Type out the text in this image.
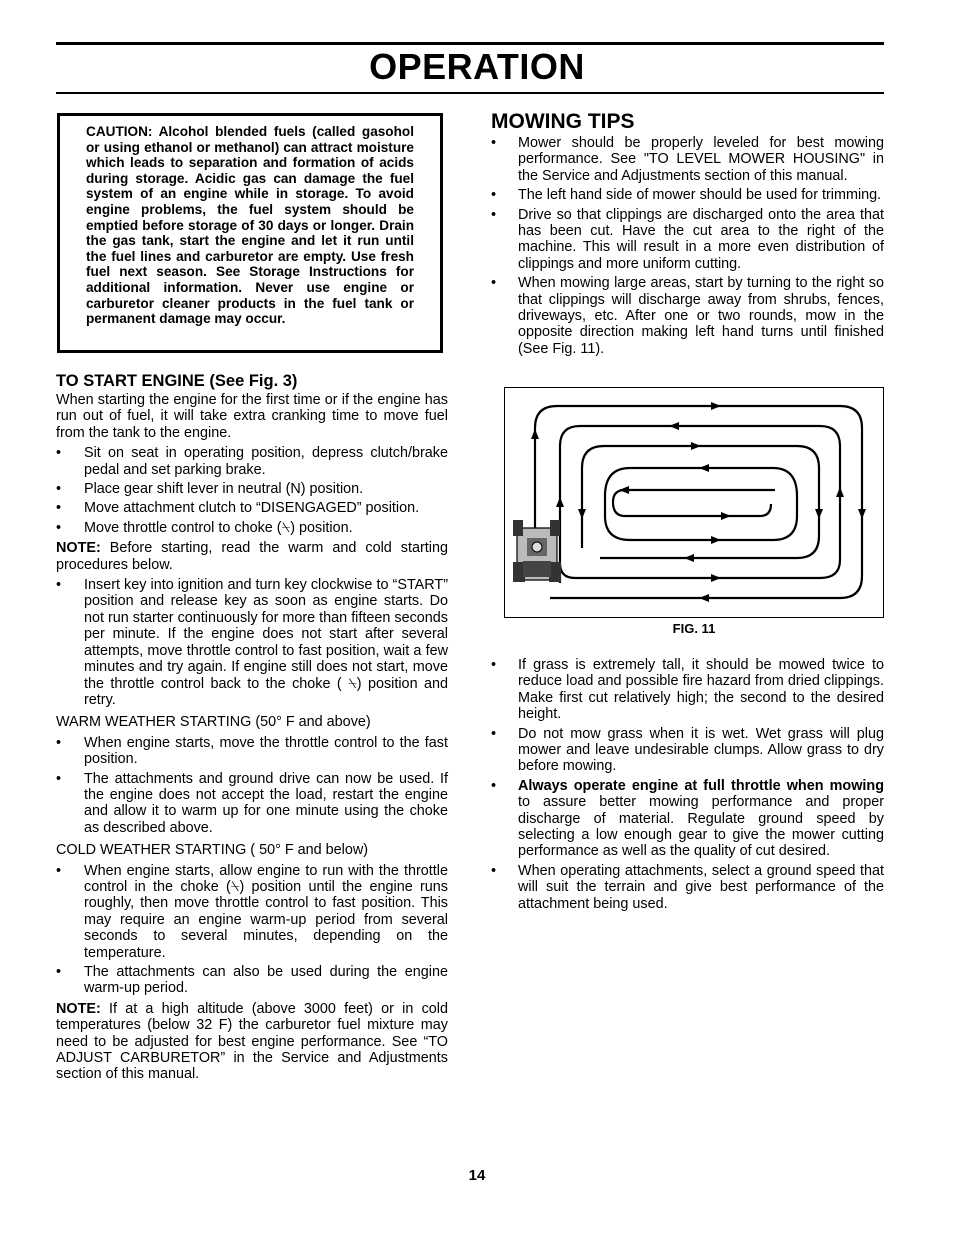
OPERATION
CAUTION: Alcohol blended fuels (called gasohol or using ethanol or methanol) can attract moisture which leads to separation and formation of acids during storage. Acidic gas can damage the fuel system of an engine while in storage. To avoid engine problems, the fuel system should be emptied before storage of 30 days or longer. Drain the gas tank, start the engine and let it run until the fuel lines and carburetor are empty. Use fresh fuel next season. See Storage Instructions for additional information. Never use engine or carburetor cleaner products in the fuel tank or permanent damage may occur.
TO START ENGINE (See Fig. 3)

When starting the engine for the first time or if the engine has run out of fuel, it will take extra cranking time to move fuel from the tank to the engine.

• Sit on seat in operating position, depress clutch/brake pedal and set parking brake.
• Place gear shift lever in neutral (N) position.
• Move attachment clutch to “DISENGAGED” position.
• Move throttle control to choke (⍀) position.

NOTE: Before starting, read the warm and cold starting procedures below.

• Insert key into ignition and turn key clockwise to “START” position and release key as soon as engine starts. Do not run starter continuously for more than fifteen seconds per minute. If the engine does not start after several attempts, move throttle control to fast position, wait a few minutes and try again. If engine still does not start, move the throttle control back to the choke ( ⍀) position and retry.

WARM WEATHER STARTING (50° F and above)

• When engine starts, move the throttle control to the fast position.
• The attachments and ground drive can now be used. If the engine does not accept the load, restart the engine and allow it to warm up for one minute using the choke as described above.

COLD WEATHER STARTING ( 50° F and below)

• When engine starts, allow engine to run with the throttle control in the choke (⍀) position until the engine runs roughly, then move throttle control to fast position. This may require an engine warm-up period from several seconds to several minutes, depending on the temperature.
• The attachments can also be used during the engine warm-up period.

NOTE: If at a high altitude (above 3000 feet) or in cold temperatures (below 32 F) the carburetor fuel mixture may need to be adjusted for best engine performance. See “TO ADJUST CARBURETOR” in the Service and Adjustments section of this manual.

MOWING TIPS
• Mower should be properly leveled for best mowing performance. See "TO LEVEL MOWER HOUSING" in the Service and Adjustments section of this manual.
• The left hand side of mower should be used for trimming.
• Drive so that clippings are discharged onto the area that has been cut. Have the cut area to the right of the machine. This will result in a more even distribution of clippings and more uniform cutting.
• When mowing large areas, start by turning to the right so that clippings will discharge away from shrubs, fences, driveways, etc. After one or two rounds, mow in the opposite direction making left hand turns until finished (See Fig. 11).
FIG. 11
• If grass is extremely tall, it should be mowed twice to reduce load and possible fire hazard from dried clippings. Make first cut relatively high; the second to the desired height.
• Do not mow grass when it is wet. Wet grass will plug mower and leave undesirable clumps. Allow grass to dry before mowing.
• Always operate engine at full throttle when mowing to assure better mowing performance and proper discharge of material. Regulate ground speed by selecting a low enough gear to give the mower cutting performance as well as the quality of cut desired.
• When operating attachments, select a ground speed that will suit the terrain and give best performance of the attachment being used.
14
